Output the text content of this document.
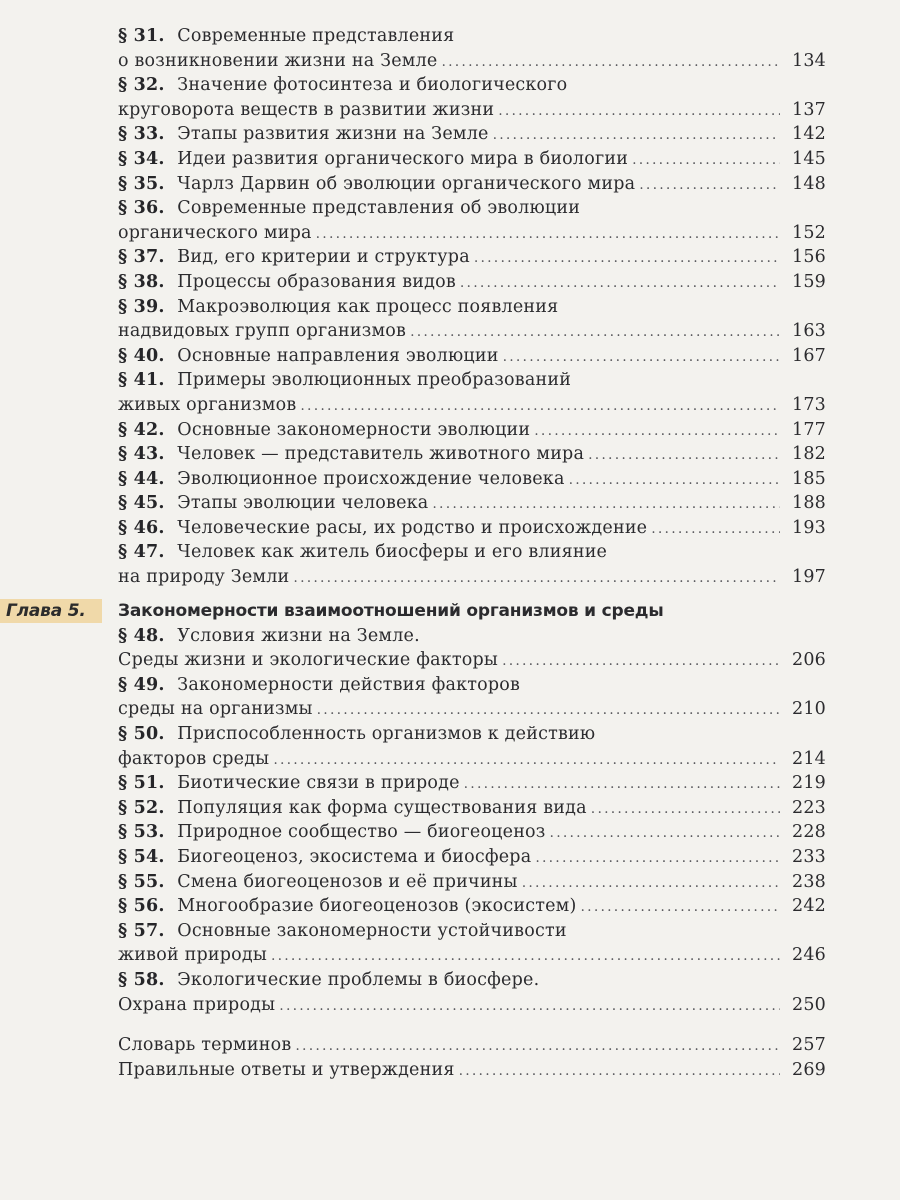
§ 31. Современные представления
о возникновении жизни на Земле .....	134
§ 32. Значение фотосинтеза и биологического
круговорота веществ в развитии жизни .....	137
§ 33. Этапы развития жизни на Земле .....	142
§ 34. Идеи развития органического мира в биологии .....	145
§ 35. Чарлз Дарвин об эволюции органического мира .....	148
§ 36. Современные представления об эволюции
органического мира .....	152
§ 37. Вид, его критерии и структура .....	156
§ 38. Процессы образования видов .....	159
§ 39. Макроэволюция как процесс появления
надвидовых групп организмов .....	163
§ 40. Основные направления эволюции .....	167
§ 41. Примеры эволюционных преобразований
живых организмов .....	173
§ 42. Основные закономерности эволюции .....	177
§ 43. Человек — представитель животного мира .....	182
§ 44. Эволюционное происхождение человека .....	185
§ 45. Этапы эволюции человека .....	188
§ 46. Человеческие расы, их родство и происхождение .....	193
§ 47. Человек как житель биосферы и его влияние
на природу Земли .....	197
Глава 5.	Закономерности взаимоотношений организмов и среды
§ 48. Условия жизни на Земле.
Среды жизни и экологические факторы .....	206
§ 49. Закономерности действия факторов
среды на организмы .....	210
§ 50. Приспособленность организмов к действию
факторов среды .....	214
§ 51. Биотические связи в природе .....	219
§ 52. Популяция как форма существования вида .....	223
§ 53. Природное сообщество — биогеоценоз .....	228
§ 54. Биогеоценоз, экосистема и биосфера .....	233
§ 55. Смена биогеоценозов и её причины .....	238
§ 56. Многообразие биогеоценозов (экосистем) .....	242
§ 57. Основные закономерности устойчивости
живой природы .....	246
§ 58. Экологические проблемы в биосфере.
Охрана природы .....	250
Словарь терминов .....	257
Правильные ответы и утверждения .....	269
